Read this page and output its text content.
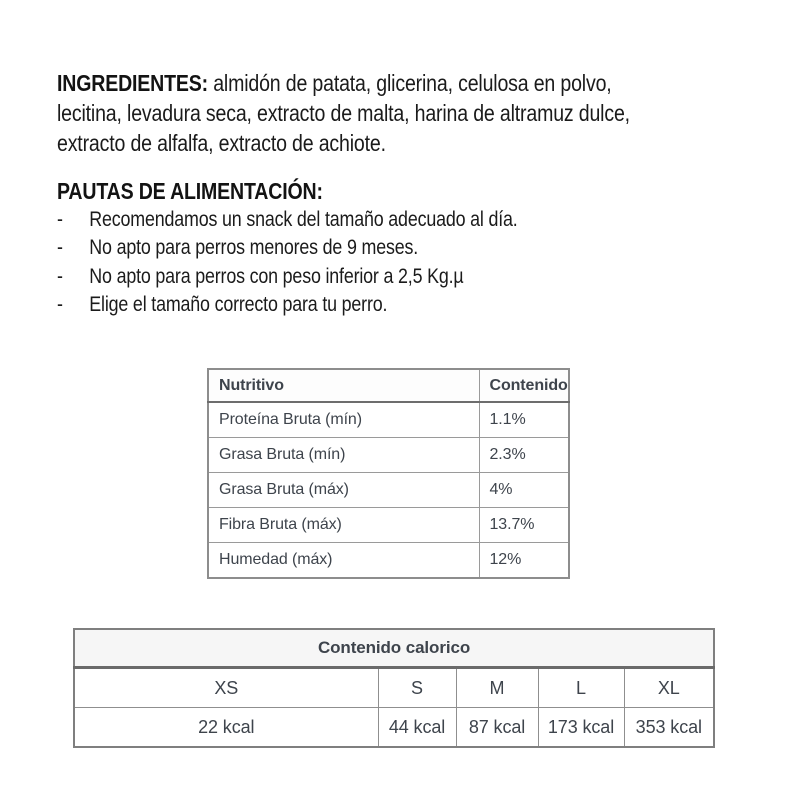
INGREDIENTES: almidón de patata, glicerina, celulosa en polvo,
lecitina, levadura seca, extracto de malta, harina de altramuz dulce,
extracto de alfalfa, extracto de achiote.
PAUTAS DE ALIMENTACIÓN:
-	Recomendamos un snack del tamaño adecuado al día.
-	No apto para perros menores de 9 meses.
-	No apto para perros con peso inferior a 2,5 Kg.µ
-	Elige el tamaño correcto para tu perro.
Nutritivo	Contenido
Proteína Bruta (mín)	1.1%
Grasa Bruta (mín)	2.3%
Grasa Bruta (máx)	4%
Fibra Bruta (máx)	13.7%
Humedad (máx)	12%
Contenido calorico				
XS	S	M	L	XL
22 kcal	44 kcal	87 kcal	173 kcal	353 kcal
